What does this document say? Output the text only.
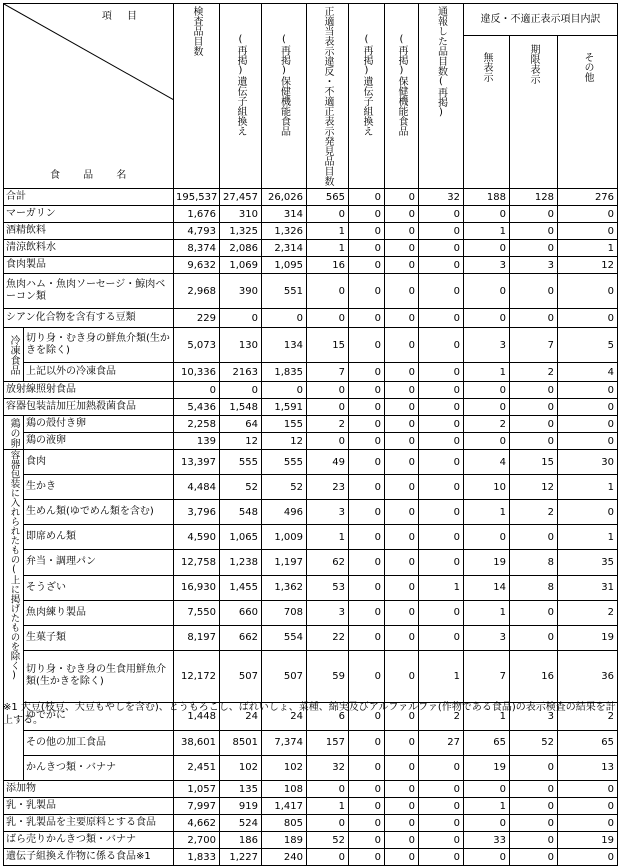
項 目
食 品 名		検査品目数	(再掲)遺伝子組換え	(再掲)保健機能食品	正適当表示違反・不適正表示発見品目数	(再掲)遺伝子組換え	(再掲)保健機能食品	通報した品目数(再掲)	違反・不適正表示項目内訳		

									無表示	期限表示	その他

合計		195,537	27,457	26,026	565	0	0	32	188	128	276
マーガリン		1,676	310	314	0	0	0	0	0	0	0
酒精飲料		4,793	1,325	1,326	1	0	0	0	1	0	0
清涼飲料水		8,374	2,086	2,314	1	0	0	0	0	0	1
食肉製品		9,632	1,069	1,095	16	0	0	0	3	3	12
魚肉ハム・魚肉ソーセージ・鯨肉ベーコン類		2,968	390	551	0	0	0	0	0	0	0
シアン化合物を含有する豆類		229	0	0	0	0	0	0	0	0	0

冷凍食品	切り身・むき身の鮮魚介類(生かきを除く)	5,073	130	134	15	0	0	0	3	7	5
	上記以外の冷凍食品	10,336	2163	1,835	7	0	0	0	1	2	4
放射線照射食品		0	0	0	0	0	0	0	0	0	0
容器包装詰加圧加熱殺菌食品		5,436	1,548	1,591	0	0	0	0	0	0	0

鶏の卵	鶏の殻付き卵	2,258	64	155	2	0	0	0	2	0	0
	鶏の液卵	139	12	12	0	0	0	0	0	0	0

容器包装に入れられたもの(上に掲げたものを除く)	食肉	13,397	555	555	49	0	0	0	4	15	30
	生かき	4,484	52	52	23	0	0	0	10	12	1
	生めん類(ゆでめん類を含む)	3,796	548	496	3	0	0	0	1	2	0
	即席めん類	4,590	1,065	1,009	1	0	0	0	0	0	1
	弁当・調理パン	12,758	1,238	1,197	62	0	0	0	19	8	35
	そうざい	16,930	1,455	1,362	53	0	0	1	14	8	31
	魚肉練り製品	7,550	660	708	3	0	0	0	1	0	2
	生菓子類	8,197	662	554	22	0	0	0	3	0	19
	切り身・むき身の生食用鮮魚介類(生かきを除く)	12,172	507	507	59	0	0	1	7	16	36
	ゆでがに	1,448	24	24	6	0	0	2	1	3	2
	その他の加工食品	38,601	8501	7,374	157	0	0	27	65	52	65
	かんきつ類・バナナ	2,451	102	102	32	0	0	0	19	0	13
添加物		1,057	135	108	0	0	0	0	0	0	0
乳・乳製品		7,997	919	1,417	1	0	0	0	1	0	0
乳・乳製品を主要原料とする食品		4,662	524	805	0	0	0	0	0	0	0
ばら売りかんきつ類・バナナ		2,700	186	189	52	0	0	0	33	0	19
遺伝子組換え作物に係る食品※1		1,833	1,227	240	0	0	0	0	0	0	0
※1 大豆(枝豆、大豆もやしを含む)、とうもろこし、ばれいしょ、菜種、綿実及びアルファルファ(作物である食品)の表示検査の結果を計上する。
